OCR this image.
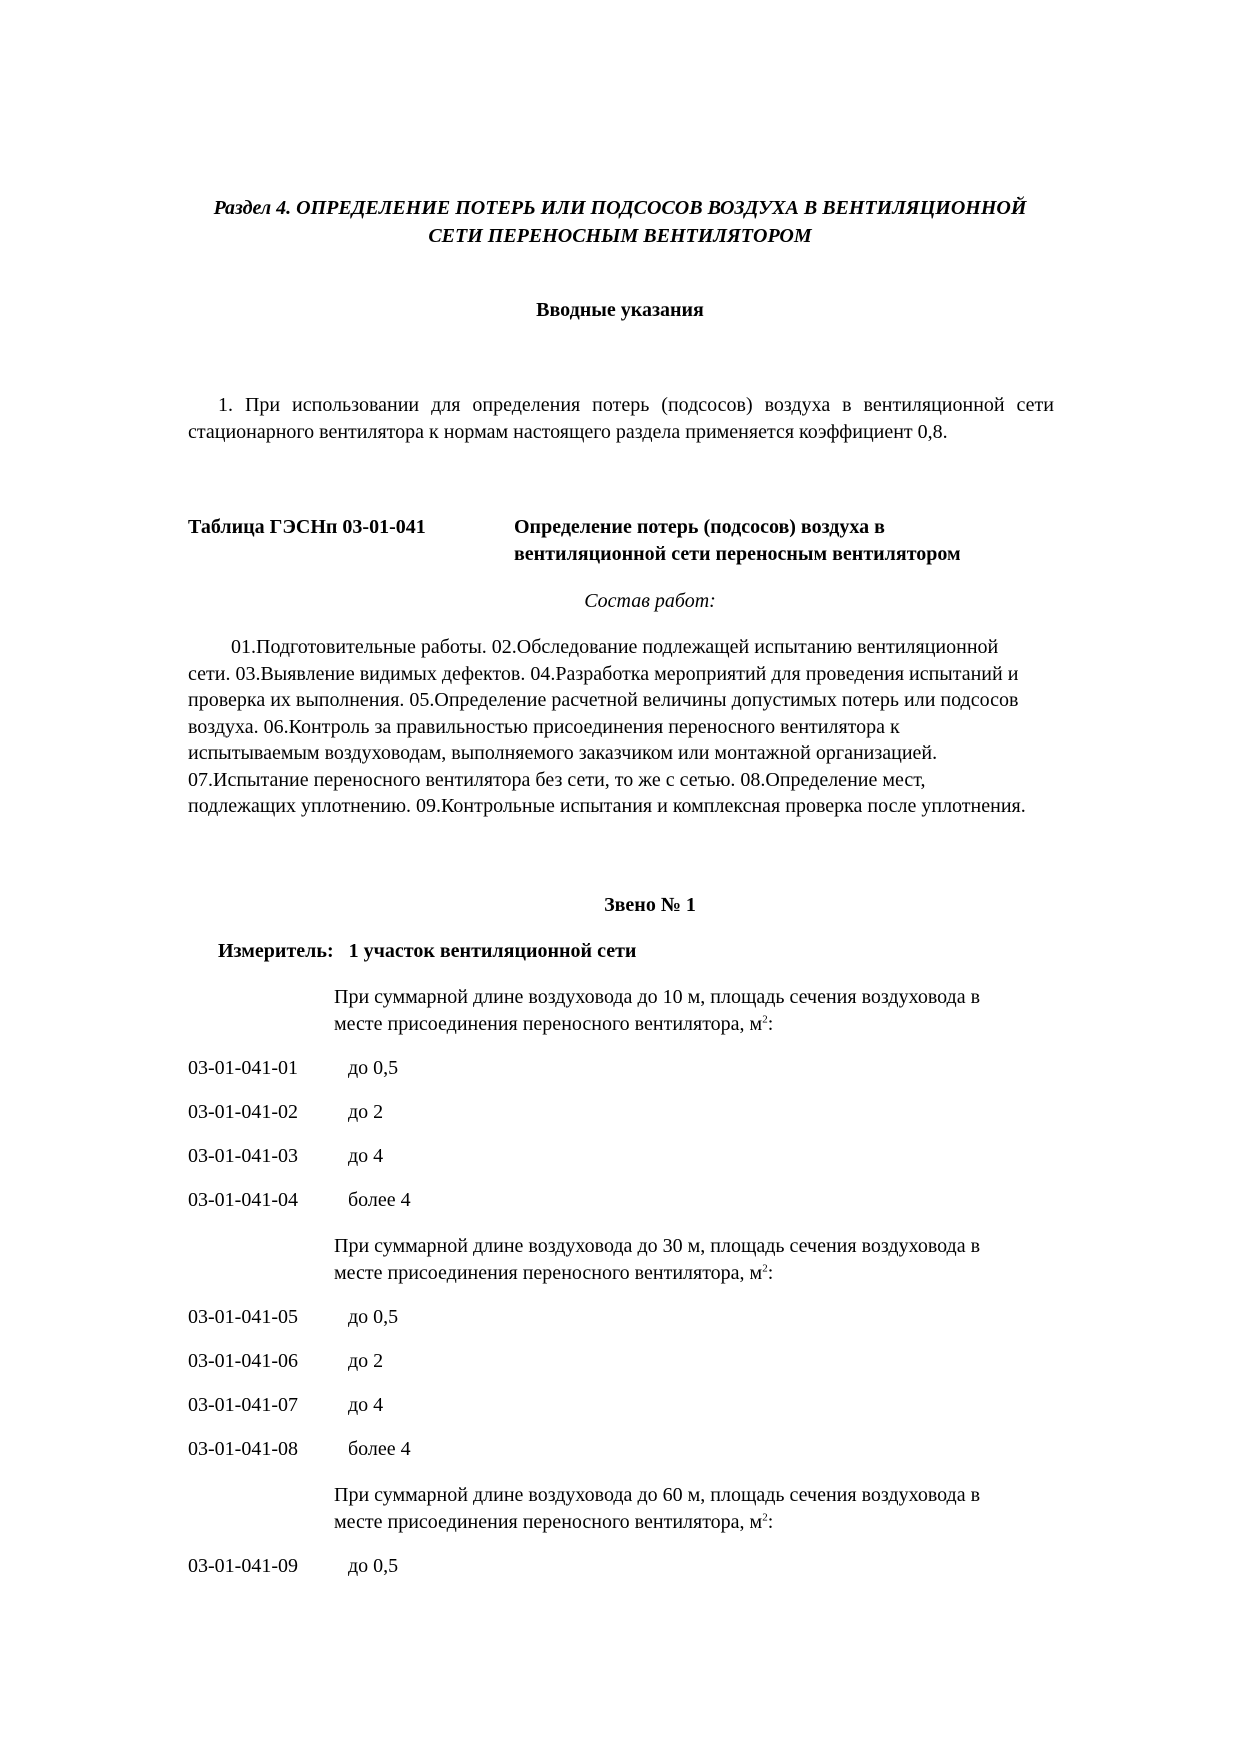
Раздел 4. ОПРЕДЕЛЕНИЕ ПОТЕРЬ ИЛИ ПОДСОСОВ ВОЗДУХА В ВЕНТИЛЯЦИОННОЙ
СЕТИ ПЕРЕНОСНЫМ ВЕНТИЛЯТОРОМ
Вводные указания
1. При использовании для определения потерь (подсосов) воздуха в вентиляционной сети стационарного вентилятора к нормам настоящего раздела применяется коэффициент 0,8.
Таблица ГЭСНп 03-01-041	Определение потерь (подсосов) воздуха в
вентиляционной сети переносным вентилятором
Состав работ:
01.Подготовительные работы. 02.Обследование подлежащей испытанию вентиляционной
сети. 03.Выявление видимых дефектов. 04.Разработка мероприятий для проведения испытаний и
проверка их выполнения. 05.Определение расчетной величины допустимых потерь или подсосов
воздуха. 06.Контроль за правильностью присоединения переносного вентилятора к
испытываемым воздуховодам, выполняемого заказчиком или монтажной организацией.
07.Испытание переносного вентилятора без сети, то же с сетью. 08.Определение мест,
подлежащих уплотнению. 09.Контрольные испытания и комплексная проверка после уплотнения.
Звено № 1
Измеритель: 1 участок вентиляционной сети
При суммарной длине воздуховода до 10 м, площадь сечения воздуховода в
месте присоединения переносного вентилятора, $м^2$:
03-01-041-01	до 0,5
03-01-041-02	до 2
03-01-041-03	до 4
03-01-041-04	более 4
При суммарной длине воздуховода до 30 м, площадь сечения воздуховода в
месте присоединения переносного вентилятора, $м^2$:
03-01-041-05	до 0,5
03-01-041-06	до 2
03-01-041-07	до 4
03-01-041-08	более 4
При суммарной длине воздуховода до 60 м, площадь сечения воздуховода в
месте присоединения переносного вентилятора, $м^2$:
03-01-041-09	до 0,5
